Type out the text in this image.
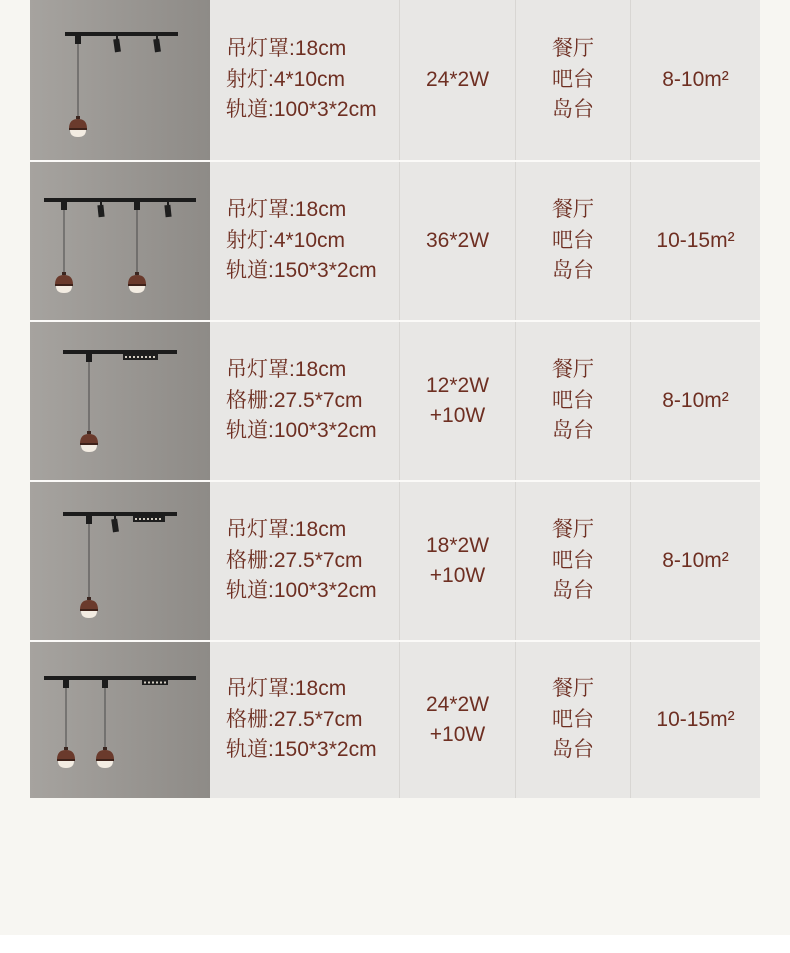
吊灯罩:18cm
射灯:4*10cm
轨道:100*3*2cm
24*2W
餐厅
吧台
岛台
8-10m²
吊灯罩:18cm
射灯:4*10cm
轨道:150*3*2cm
36*2W
餐厅
吧台
岛台
10-15m²
吊灯罩:18cm
格栅:27.5*7cm
轨道:100*3*2cm
12*2W
+10W
餐厅
吧台
岛台
8-10m²
吊灯罩:18cm
格栅:27.5*7cm
轨道:100*3*2cm
18*2W
+10W
餐厅
吧台
岛台
8-10m²
吊灯罩:18cm
格栅:27.5*7cm
轨道:150*3*2cm
24*2W
+10W
餐厅
吧台
岛台
10-15m²
